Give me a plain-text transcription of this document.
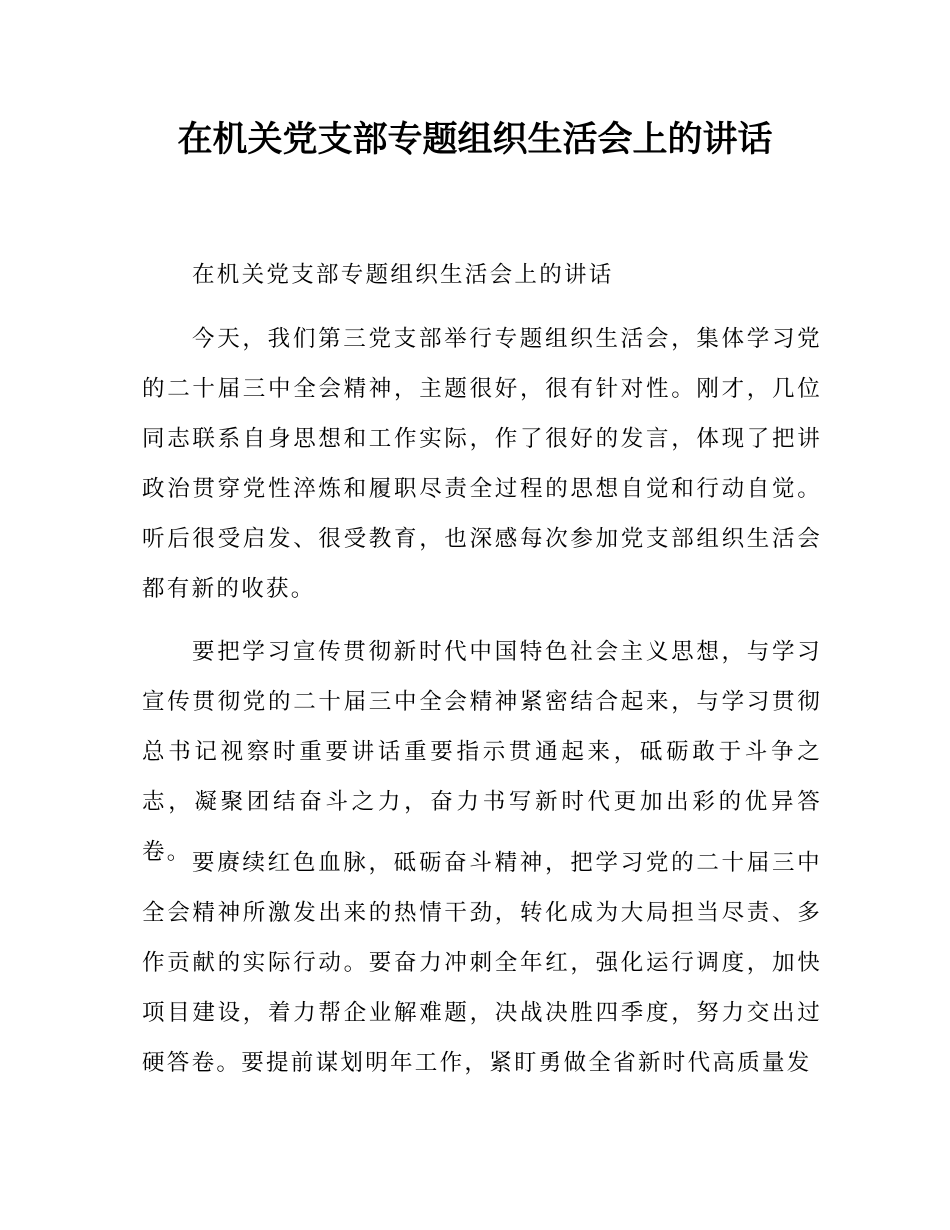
在机关党支部专题组织生活会上的讲话

在机关党支部专题组织生活会上的讲话

今天，我们第三党支部举行专题组织生活会，集体学习党的二十届三中全会精神，主题很好，很有针对性。刚才，几位同志联系自身思想和工作实际，作了很好的发言，体现了把讲政治贯穿党性淬炼和履职尽责全过程的思想自觉和行动自觉。听后很受启发、很受教育，也深感每次参加党支部组织生活会都有新的收获。

要把学习宣传贯彻新时代中国特色社会主义思想，与学习宣传贯彻党的二十届三中全会精神紧密结合起来，与学习贯彻总书记视察时重要讲话重要指示贯通起来，砥砺敢于斗争之志，凝聚团结奋斗之力，奋力书写新时代更加出彩的优异答卷。 要赓续红色血脉，砥砺奋斗精神，把学习党的二十届三中全会精神所激发出来的热情干劲，转化成为大局担当尽责、多作贡献的实际行动。要奋力冲刺全年红，强化运行调度，加快项目建设，着力帮企业解难题，决战决胜四季度，努力交出过硬答卷。要提前谋划明年工作，紧盯勇做全省新时代高质量发
